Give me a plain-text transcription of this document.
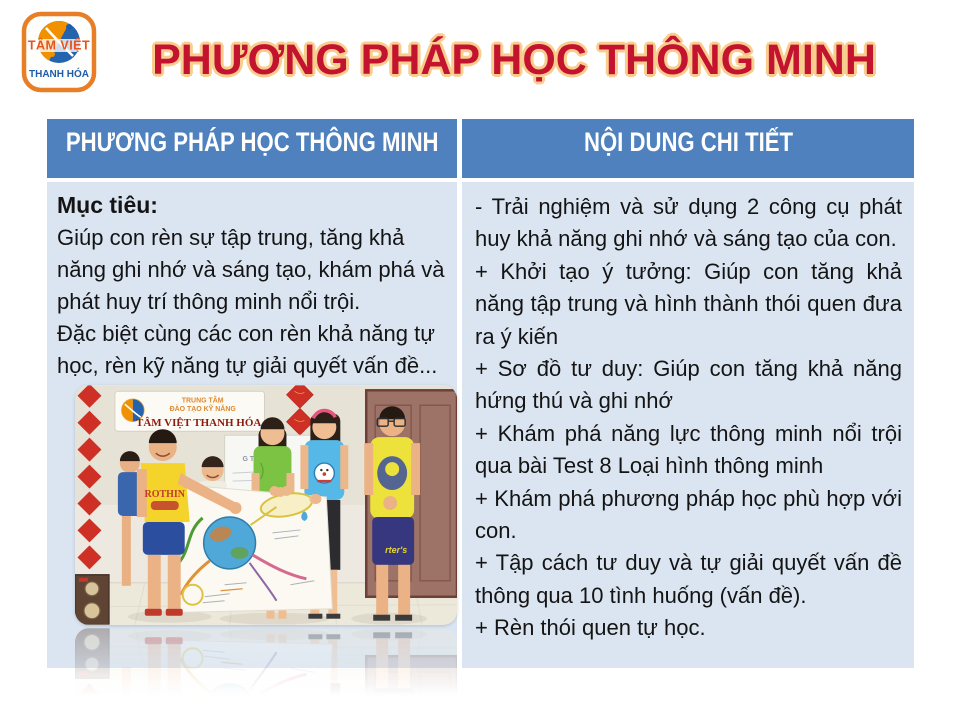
TÂM VIỆT
THANH HÓA	PHƯƠNG PHÁP HỌC THÔNG MINH
PHƯƠNG PHÁP HỌC THÔNG MINH	NỘI DUNG CHI TIẾT

Mục tiêu:

Giúp con rèn sự tập trung, tăng khả năng ghi nhớ và sáng tạo, khám phá và phát huy trí thông minh nổi trội.

Đặc biệt cùng các con rèn khả năng tự học, rèn kỹ năng tự giải quyết vấn đề...

- Trải nghiệm và sử dụng 2 công cụ phát huy khả năng ghi nhớ và sáng tạo của con.

+ Khởi tạo ý tưởng: Giúp con tăng khả năng tập trung và hình thành thói quen đưa ra ý kiến

+ Sơ đồ tư duy: Giúp con tăng khả năng hứng thú và ghi nhớ

+ Khám phá năng lực thông minh nổi trội qua bài Test 8 Loại hình thông minh

+ Khám phá phương pháp học phù hợp với con.

+ Tập cách tư duy và tự giải quyết vấn đề thông qua 10 tình huống (vấn đề).

+ Rèn thói quen tự học.
